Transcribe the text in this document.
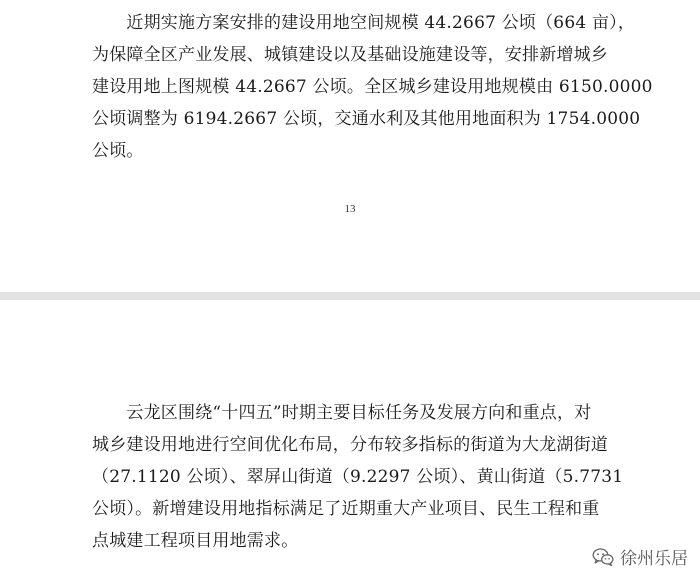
　　近期实施方案安排的建设用地空间规模 44.2667 公顷（664 亩），
为保障全区产业发展、城镇建设以及基础设施建设等，安排新增城乡
建设用地上图规模 44.2667 公顷。全区城乡建设用地规模由 6150.0000
公顷调整为 6194.2667 公顷，交通水利及其他用地面积为 1754.0000
公顷。

13

　　云龙区围绕“十四五”时期主要目标任务及发展方向和重点，对
城乡建设用地进行空间优化布局，分布较多指标的街道为大龙湖街道
（27.1120 公顷）、翠屏山街道（9.2297 公顷）、黄山街道（5.7731
公顷）。新增建设用地指标满足了近期重大产业项目、民生工程和重
点城建工程项目用地需求。

徐州乐居
